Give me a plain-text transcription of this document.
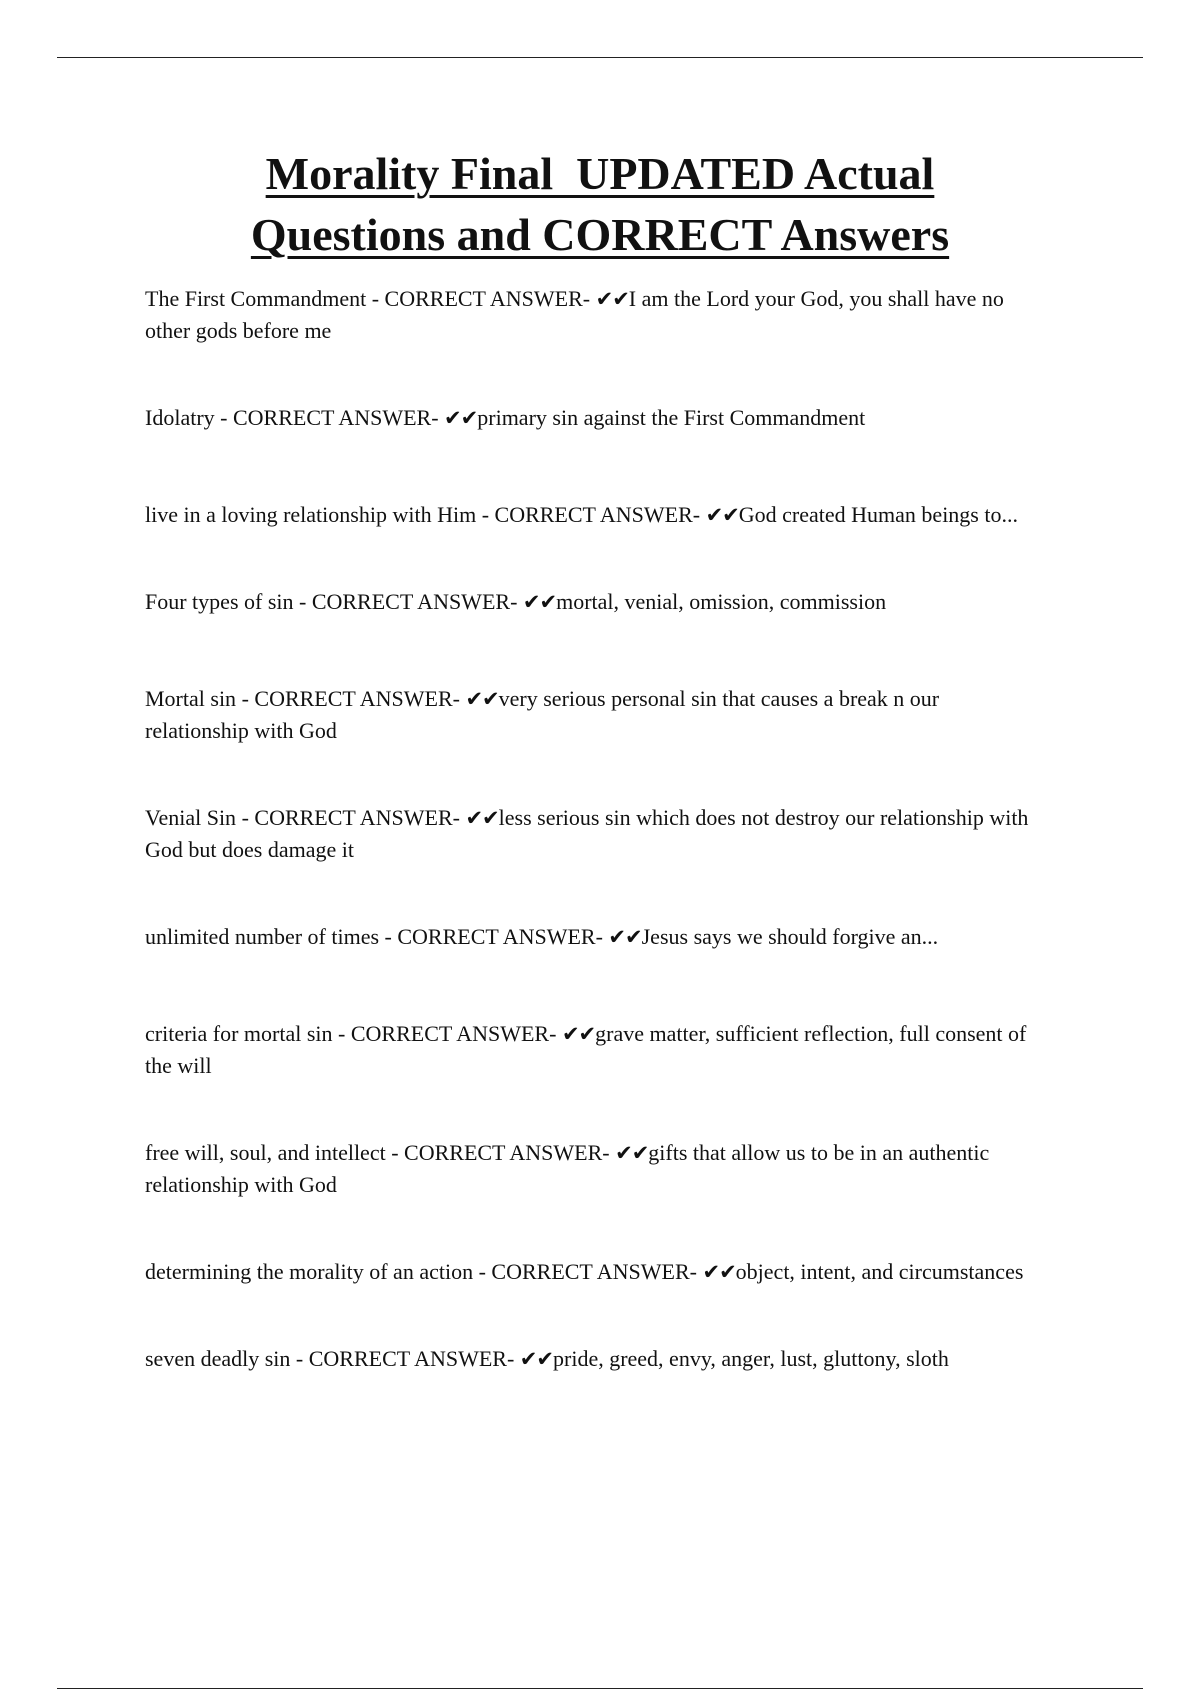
Morality Final  UPDATED Actual
Questions and CORRECT Answers
The First Commandment - CORRECT ANSWER- ✔✔I am the Lord your God, you shall have no other gods before me
Idolatry - CORRECT ANSWER- ✔✔primary sin against the First Commandment
live in a loving relationship with Him - CORRECT ANSWER- ✔✔God created Human beings to...
Four types of sin - CORRECT ANSWER- ✔✔mortal, venial, omission, commission
Mortal sin - CORRECT ANSWER- ✔✔very serious personal sin that causes a break n our relationship with God
Venial Sin - CORRECT ANSWER- ✔✔less serious sin which does not destroy our relationship with God but does damage it
unlimited number of times - CORRECT ANSWER- ✔✔Jesus says we should forgive an...
criteria for mortal sin - CORRECT ANSWER- ✔✔grave matter, sufficient reflection, full consent of the will
free will, soul, and intellect - CORRECT ANSWER- ✔✔gifts that allow us to be in an authentic relationship with God
determining the morality of an action - CORRECT ANSWER- ✔✔object, intent, and circumstances
seven deadly sin - CORRECT ANSWER- ✔✔pride, greed, envy, anger, lust, gluttony, sloth
